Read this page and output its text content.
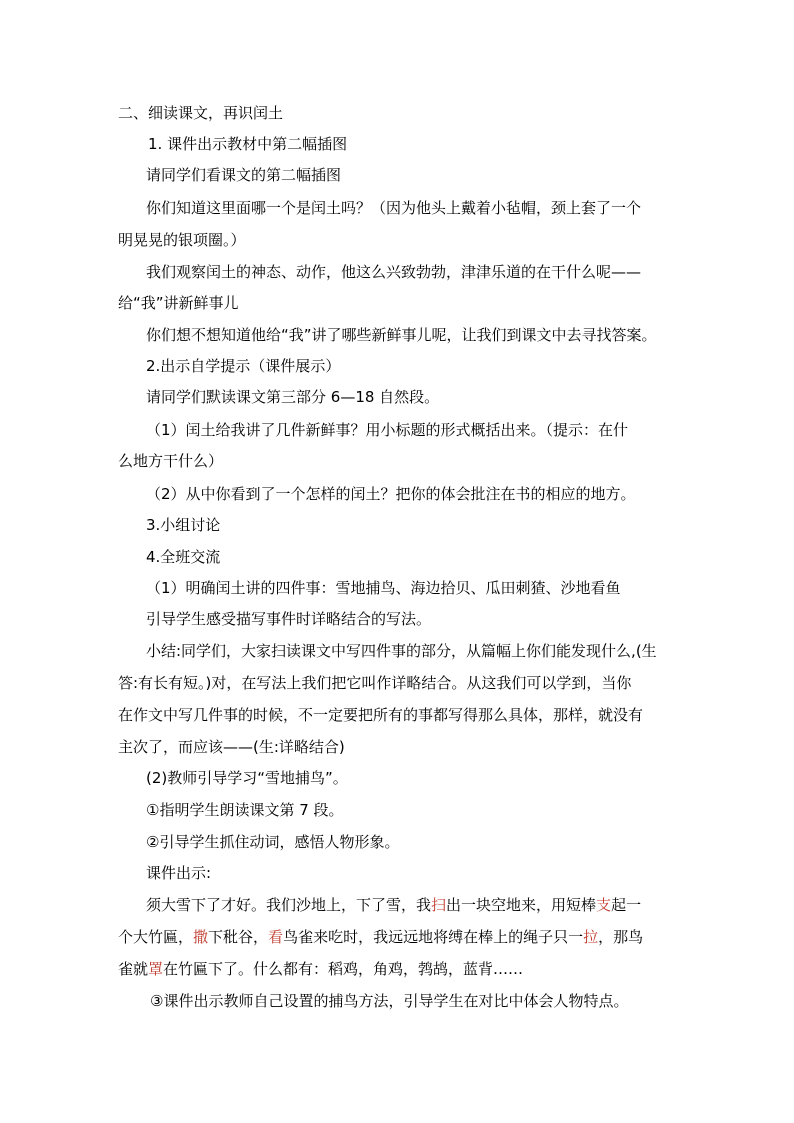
二、细读课文，再识闰土
1. 课件出示教材中第二幅插图
请同学们看课文的第二幅插图
你们知道这里面哪一个是闰土吗？（因为他头上戴着小毡帽，颈上套了一个
明晃晃的银项圈。）
我们观察闰土的神态、动作，他这么兴致勃勃，津津乐道的在干什么呢——
给“我”讲新鲜事儿
你们想不想知道他给“我”讲了哪些新鲜事儿呢，让我们到课文中去寻找答案。
2.出示自学提示（课件展示）
请同学们默读课文第三部分 6—18 自然段。
（1）闰土给我讲了几件新鲜事？用小标题的形式概括出来。（提示：在什
么地方干什么）
（2）从中你看到了一个怎样的闰土？把你的体会批注在书的相应的地方。
3.小组讨论
4.全班交流
（1）明确闰土讲的四件事：雪地捕鸟、海边拾贝、瓜田刺猹、沙地看鱼
引导学生感受描写事件时详略结合的写法。
小结:同学们，大家扫读课文中写四件事的部分，从篇幅上你们能发现什么,(生
答:有长有短。)对，在写法上我们把它叫作详略结合。从这我们可以学到，当你
在作文中写几件事的时候，不一定要把所有的事都写得那么具体，那样，就没有
主次了，而应该——(生:详略结合)
(2)教师引导学习“雪地捕鸟”。
①指明学生朗读课文第 7 段。
②引导学生抓住动词，感悟人物形象。
课件出示:
须大雪下了才好。我们沙地上，下了雪，我扫出一块空地来，用短棒支起一
个大竹匾，撒下秕谷，看鸟雀来吃时，我远远地将缚在棒上的绳子只一拉，那鸟
雀就罩在竹匾下了。什么都有：稻鸡，角鸡，鹁鸪，蓝背……
③课件出示教师自己设置的捕鸟方法，引导学生在对比中体会人物特点。
